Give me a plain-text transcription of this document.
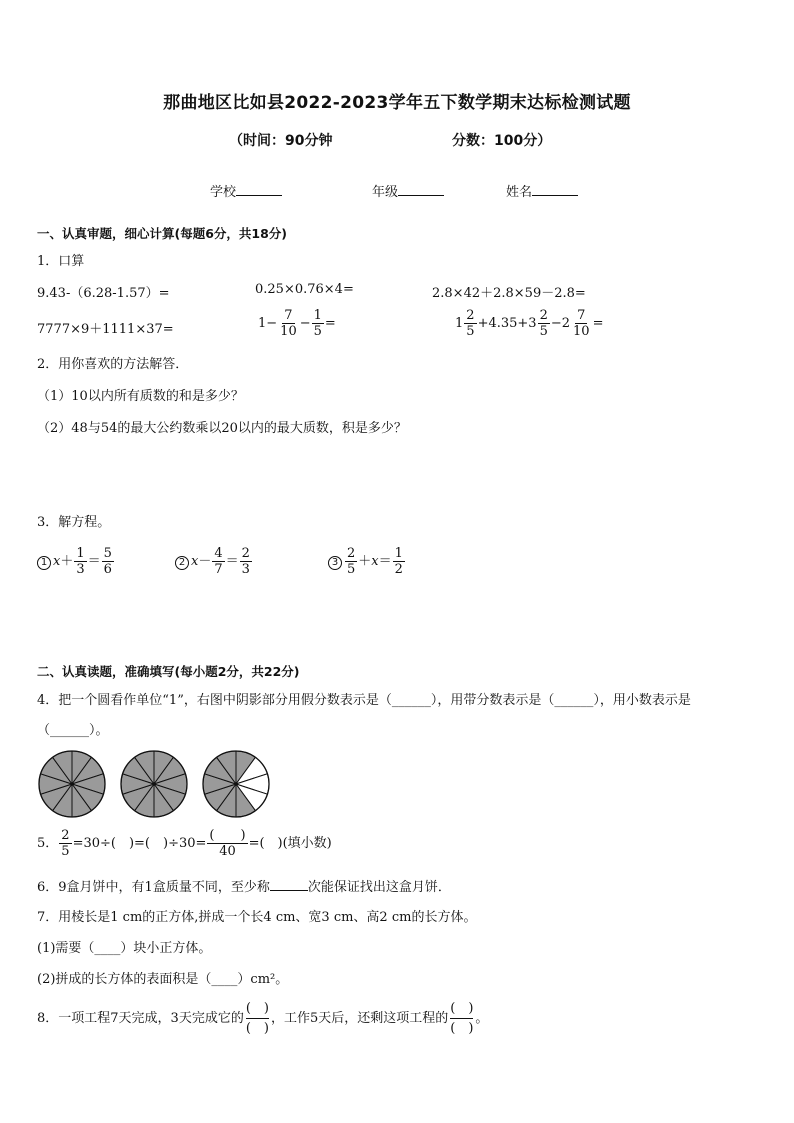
那曲地区比如县2022-2023学年五下数学期末达标检测试题
（时间：90分钟	分数：100分）
学校	年级	姓名
一、认真审题，细心计算(每题6分，共18分)
1．口算
9.43-（6.28-1.57）=	0.25×0.76×4=	2.8×42＋2.8×59－2.8=
7777×9＋1111×37=	$1- \frac{7}{10} - \frac{1}{5}$ =	$1 \frac{2}{5} +4.35+3 \frac{2}{5} -2 \frac{7}{10}$ =
2．用你喜欢的方法解答．
（1）10以内所有质数的和是多少？
（2）48与54的最大公约数乘以20以内的最大质数，积是多少？
3．解方程。
1 $x+ \frac{1}{3} = \frac{5}{6}$	2 $x- \frac{4}{7} = \frac{2}{3}$	$3 \frac{2}{5} +x= \frac{1}{2}$
二、认真读题，准确填写(每小题2分，共22分)
4．把一个圆看作单位“1”，右图中阴影部分用假分数表示是（______），用带分数表示是（______），用小数表示是
（______）。
5． $\frac{2}{5} =30\div$(　)=(　)$\div 30= \frac{( )}{40}$ =(　)(填小数)
6．9盒月饼中，有1盒质量不同，至少称	次能保证找出这盒月饼．
7．用棱长是1 cm的正方体,拼成一个长4 cm、宽3 cm、高2 cm的长方体。
(1)需要（____）块小正方体。
(2)拼成的长方体的表面积是（____）cm²。
8．一项工程7天完成，3天完成它的
(　)
(　)
，工作5天后，还剩这项工程的
(　)
(　)
。
